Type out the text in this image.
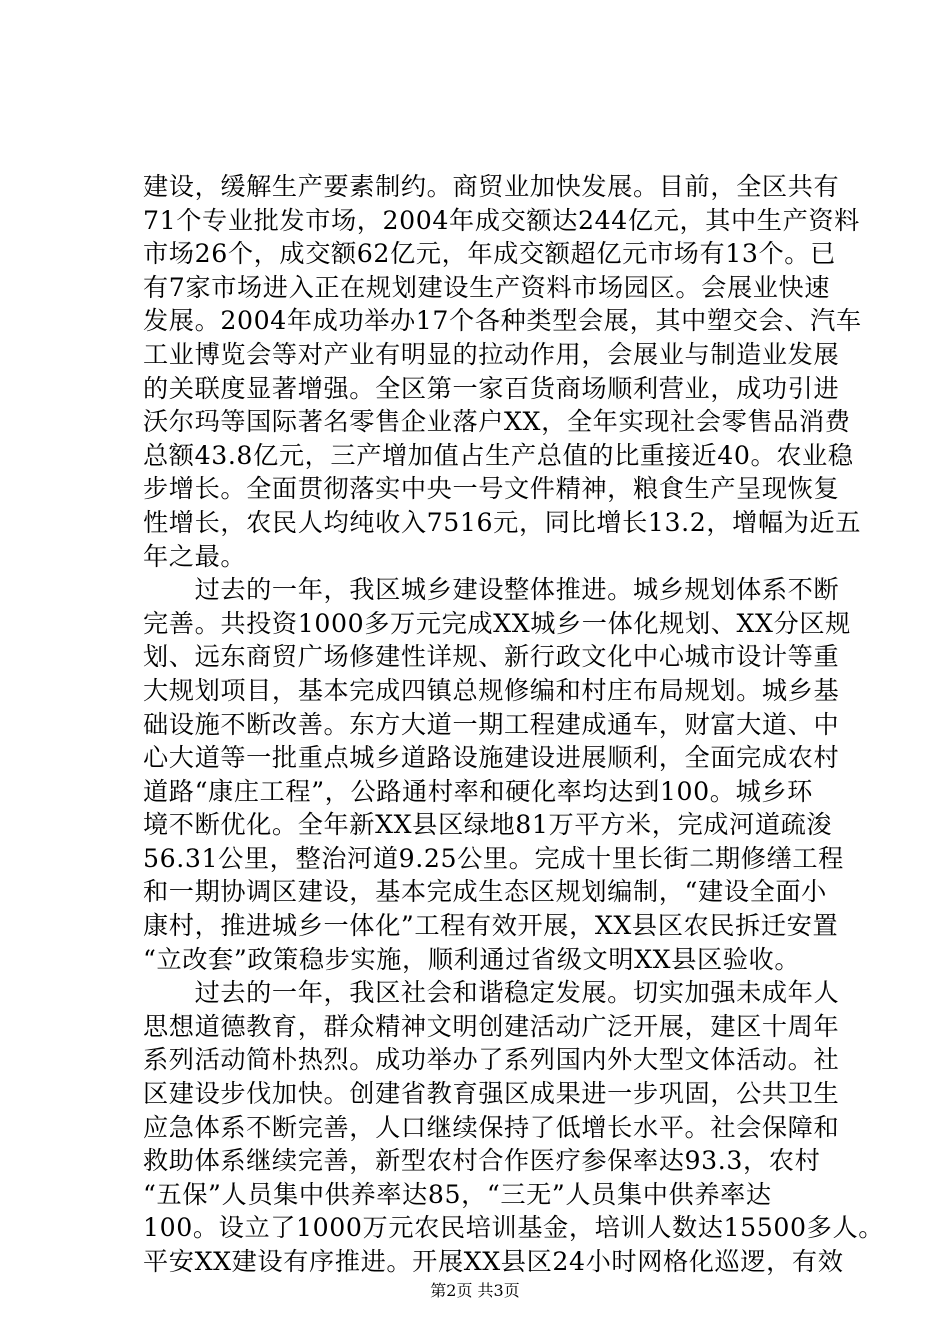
建设，缓解生产要素制约。商贸业加快发展。目前，全区共有
71个专业批发市场，2004年成交额达244亿元，其中生产资料
市场26个，成交额62亿元，年成交额超亿元市场有13个。已
有7家市场进入正在规划建设生产资料市场园区。会展业快速
发展。2004年成功举办17个各种类型会展，其中塑交会、汽车
工业博览会等对产业有明显的拉动作用，会展业与制造业发展
的关联度显著增强。全区第一家百货商场顺利营业，成功引进
沃尔玛等国际著名零售企业落户XX，全年实现社会零售品消费
总额43.8亿元，三产增加值占生产总值的比重接近40。农业稳
步增长。全面贯彻落实中央一号文件精神，粮食生产呈现恢复
性增长，农民人均纯收入7516元，同比增长13.2，增幅为近五
年之最。
　　过去的一年，我区城乡建设整体推进。城乡规划体系不断
完善。共投资1000多万元完成XX城乡一体化规划、XX分区规
划、远东商贸广场修建性详规、新行政文化中心城市设计等重
大规划项目，基本完成四镇总规修编和村庄布局规划。城乡基
础设施不断改善。东方大道一期工程建成通车，财富大道、中
心大道等一批重点城乡道路设施建设进展顺利，全面完成农村
道路“康庄工程”，公路通村率和硬化率均达到100。城乡环
境不断优化。全年新XX县区绿地81万平方米，完成河道疏浚
56.31公里，整治河道9.25公里。完成十里长街二期修缮工程
和一期协调区建设，基本完成生态区规划编制，“建设全面小
康村，推进城乡一体化”工程有效开展，XX县区农民拆迁安置
“立改套”政策稳步实施，顺利通过省级文明XX县区验收。
　　过去的一年，我区社会和谐稳定发展。切实加强未成年人
思想道德教育，群众精神文明创建活动广泛开展，建区十周年
系列活动简朴热烈。成功举办了系列国内外大型文体活动。社
区建设步伐加快。创建省教育强区成果进一步巩固，公共卫生
应急体系不断完善，人口继续保持了低增长水平。社会保障和
救助体系继续完善，新型农村合作医疗参保率达93.3，农村
“五保”人员集中供养率达85，“三无”人员集中供养率达
100。设立了1000万元农民培训基金，培训人数达15500多人。
平安XX建设有序推进。开展XX县区24小时网格化巡逻，有效
第2页 共3页
